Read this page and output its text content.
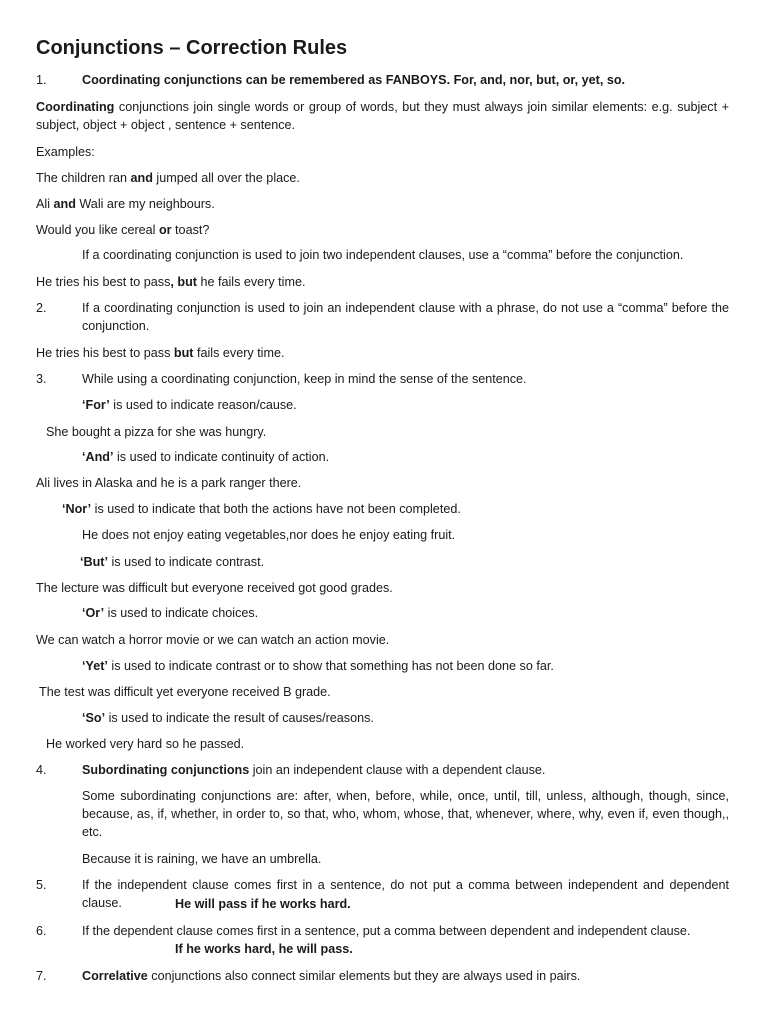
Conjunctions – Correction Rules
1.	Coordinating conjunctions can be remembered as FANBOYS. For, and, nor, but, or, yet, so.
Coordinating conjunctions join single words or group of words, but they must always join similar elements: e.g. subject + subject, object + object , sentence + sentence.
Examples:
The children ran and jumped all over the place.
Ali and Wali are my neighbours.
Would you like cereal or toast?
If a coordinating conjunction is used to join two independent clauses, use a “comma” before the conjunction.
He tries his best to pass, but he fails every time.
2.	If a coordinating conjunction is used to join an independent clause with a phrase, do not use a “comma” before the conjunction.
He tries his best to pass but fails every time.
3.	While using a coordinating conjunction, keep in mind the sense of the sentence.
‘For’ is used to indicate reason/cause.
She bought a pizza for she was hungry.
‘And’ is used to indicate continuity of action.
Ali lives in Alaska and he is a park ranger there.
‘Nor’ is used to indicate that both the actions have not been completed.
He does not enjoy eating vegetables,nor does he enjoy eating fruit.
‘But’ is used to indicate contrast.
The lecture was difficult but everyone received got good grades.
‘Or’ is used to indicate choices.
We can watch a horror movie or we can watch an action movie.
‘Yet’ is used to indicate contrast or to show that something has not been done so far.
The test was difficult yet everyone received B grade.
‘So’ is used to indicate the result of causes/reasons.
He worked very hard so he passed.
4.	Subordinating conjunctions join an independent clause with a dependent clause.
Some subordinating conjunctions are: after, when, before, while, once, until, till, unless, although, though, since, because, as, if, whether, in order to, so that, who, whom, whose, that, whenever, where, why, even if, even though,, etc.
Because it is raining, we have an umbrella.
5.	If the independent clause comes first in a sentence, do not put a comma between independent and dependent clause.	He will pass if he works hard.
6.	If the dependent clause comes first in a sentence, put a comma between dependent and independent clause.
If he works hard, he will pass.
7.	Correlative conjunctions also connect similar elements but they are always used in pairs.
